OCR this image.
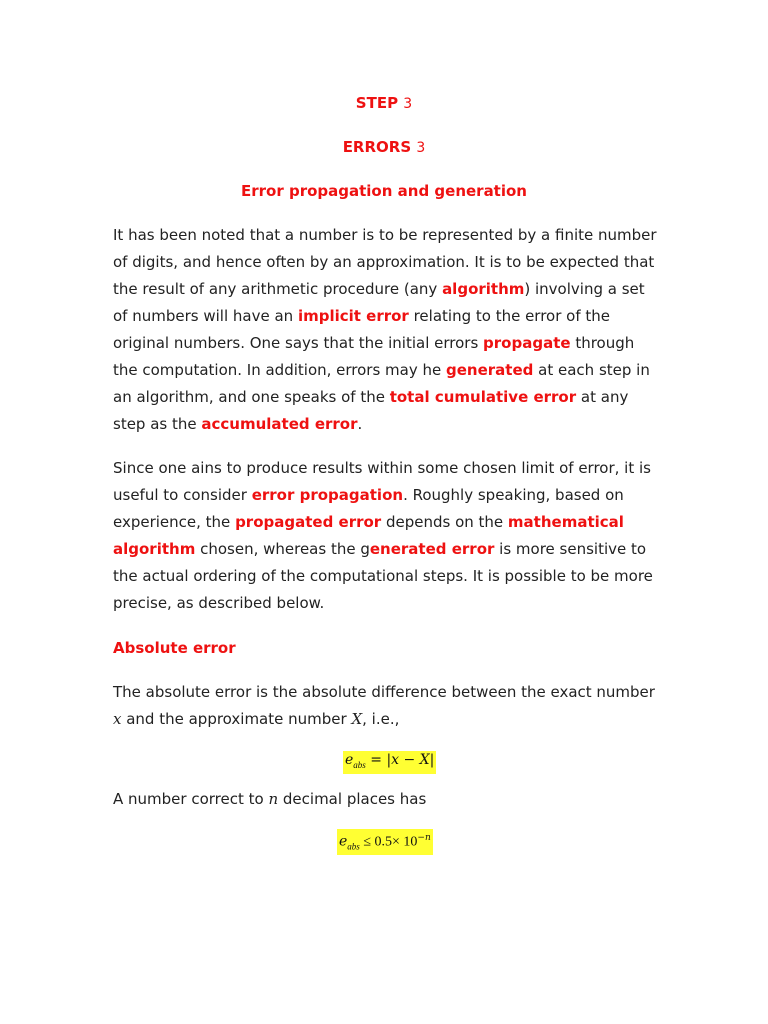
STEP 3
ERRORS 3
Error propagation and generation

It has been noted that a number is to be represented by a finite number of digits, and hence often by an approximation. It is to be expected that the result of any arithmetic procedure (any algorithm) involving a set of numbers will have an implicit error relating to the error of the original numbers. One says that the initial errors propagate through the computation. In addition, errors may he generated at each step in an algorithm, and one speaks of the total cumulative error at any step as the accumulated error.

Since one ains to produce results within some chosen limit of error, it is useful to consider error propagation. Roughly speaking, based on experience, the propagated error depends on the mathematical algorithm chosen, whereas the generated error is more sensitive to the actual ordering of the computational steps. It is possible to be more precise, as described below.

Absolute error

The absolute error is the absolute difference between the exact number x and the approximate number X, i.e.,

$e_{abs} = |x - X|$

A number correct to n decimal places has

$e_{abs} \le 0.5\times 10^{-n}$
